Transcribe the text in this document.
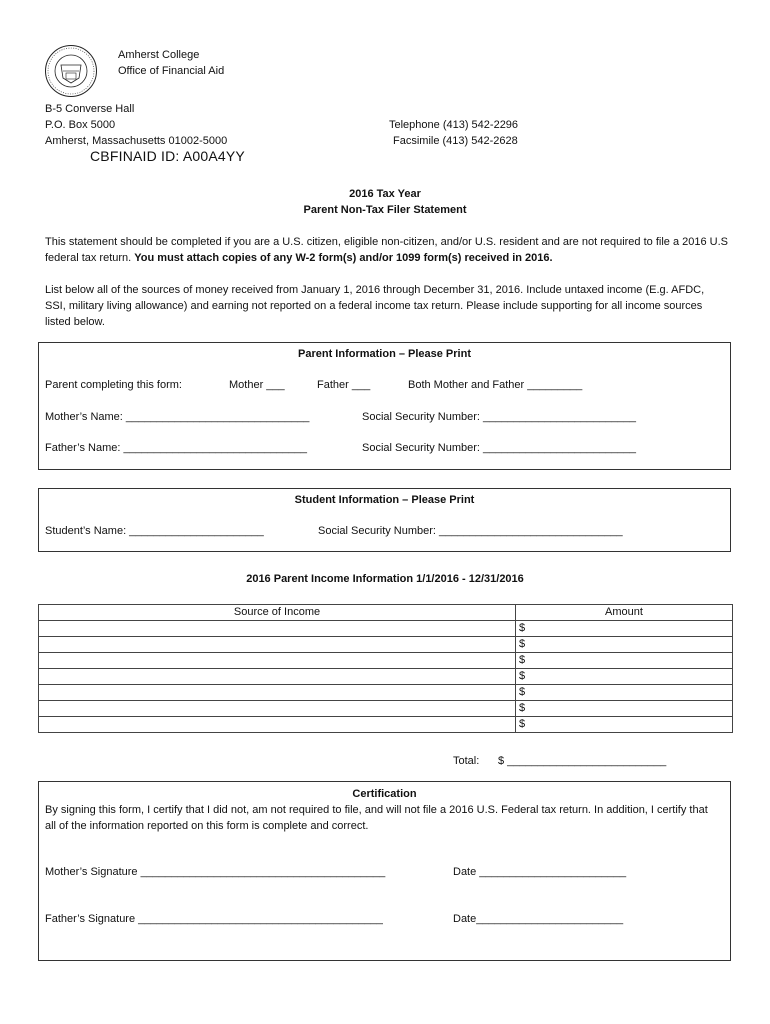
Amherst College
Office of Financial Aid
B-5 Converse Hall
P.O. Box 5000
Amherst, Massachusetts 01002-5000
Telephone (413) 542-2296
Facsimile (413) 542-2628
CBFINAID ID: A00A4YY
2016 Tax Year
Parent Non-Tax Filer Statement
This statement should be completed if you are a U.S. citizen, eligible non-citizen, and/or U.S. resident and are not required to file a 2016 U.S federal tax return. You must attach copies of any W-2 form(s) and/or 1099 form(s) received in 2016.
List below all of the sources of money received from January 1, 2016 through December 31, 2016. Include untaxed income (E.g. AFDC, SSI, military living allowance) and earning not reported on a federal income tax return. Please include supporting for all income sources listed below.
Parent Information – Please Print
Parent completing this form:	Mother ___	Father ___	Both Mother and Father _________
Mother’s Name: ______________________________	Social Security Number: _________________________
Father’s Name: ______________________________	Social Security Number: _________________________
Student Information – Please Print
Student’s Name: ______________________	Social Security Number: ______________________________
2016 Parent Income Information 1/1/2016 - 12/31/2016
Source of Income	Amount
	$
	$
	$
	$
	$
	$
	$
Total: $ __________________________
Certification
By signing this form, I certify that I did not, am not required to file, and will not file a 2016 U.S. Federal tax return. In addition, I certify that all of the information reported on this form is complete and correct.
Mother’s Signature ________________________________________	Date ________________________
Father’s Signature ________________________________________	Date________________________
